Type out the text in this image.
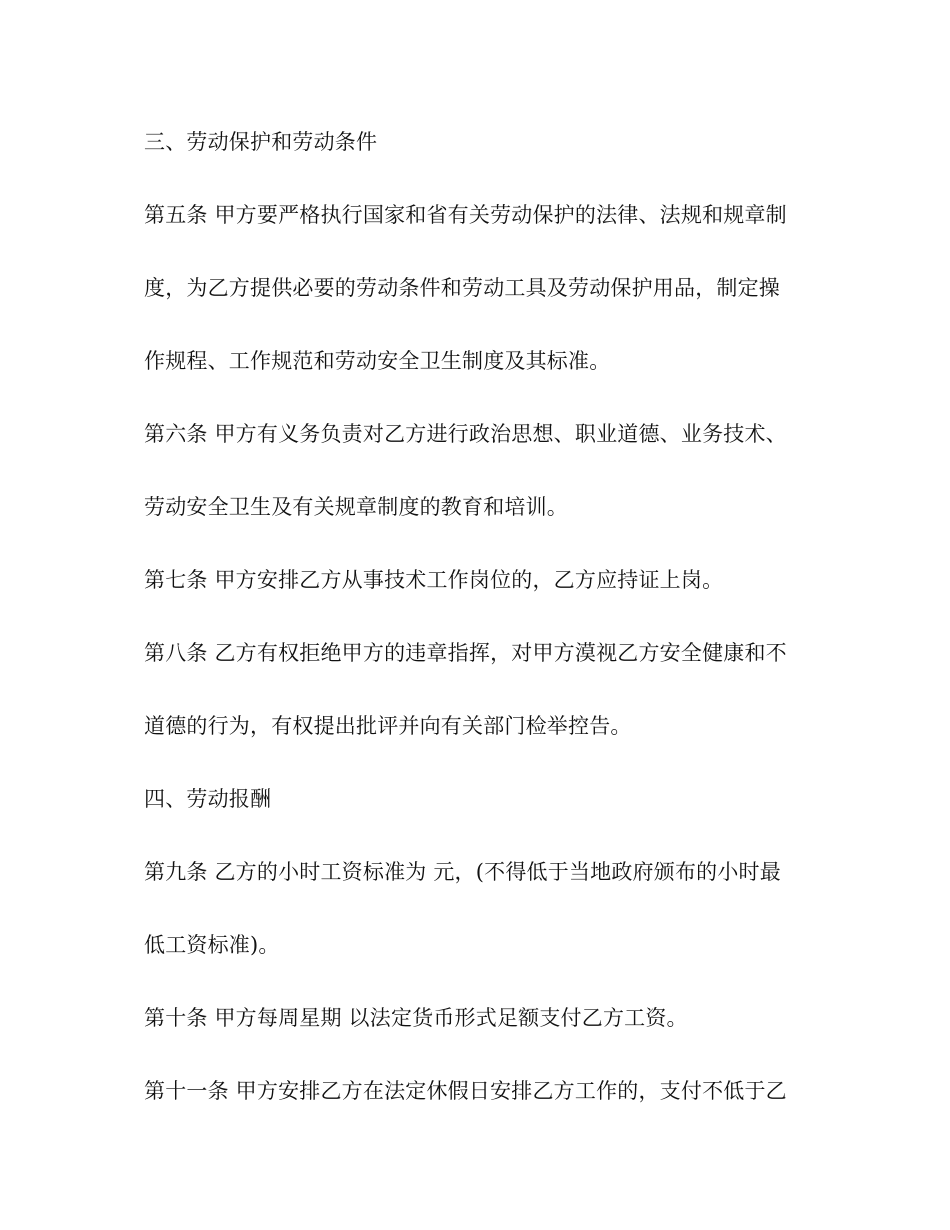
三、劳动保护和劳动条件
第五条 甲方要严格执行国家和省有关劳动保护的法律、法规和规章制
度，为乙方提供必要的劳动条件和劳动工具及劳动保护用品，制定操
作规程、工作规范和劳动安全卫生制度及其标准。
第六条 甲方有义务负责对乙方进行政治思想、职业道德、业务技术、
劳动安全卫生及有关规章制度的教育和培训。
第七条 甲方安排乙方从事技术工作岗位的，乙方应持证上岗。
第八条 乙方有权拒绝甲方的违章指挥，对甲方漠视乙方安全健康和不
道德的行为，有权提出批评并向有关部门检举控告。
四、劳动报酬
第九条 乙方的小时工资标准为 元，(不得低于当地政府颁布的小时最
低工资标准)。
第十条 甲方每周星期 以法定货币形式足额支付乙方工资。
第十一条 甲方安排乙方在法定休假日安排乙方工作的，支付不低于乙
